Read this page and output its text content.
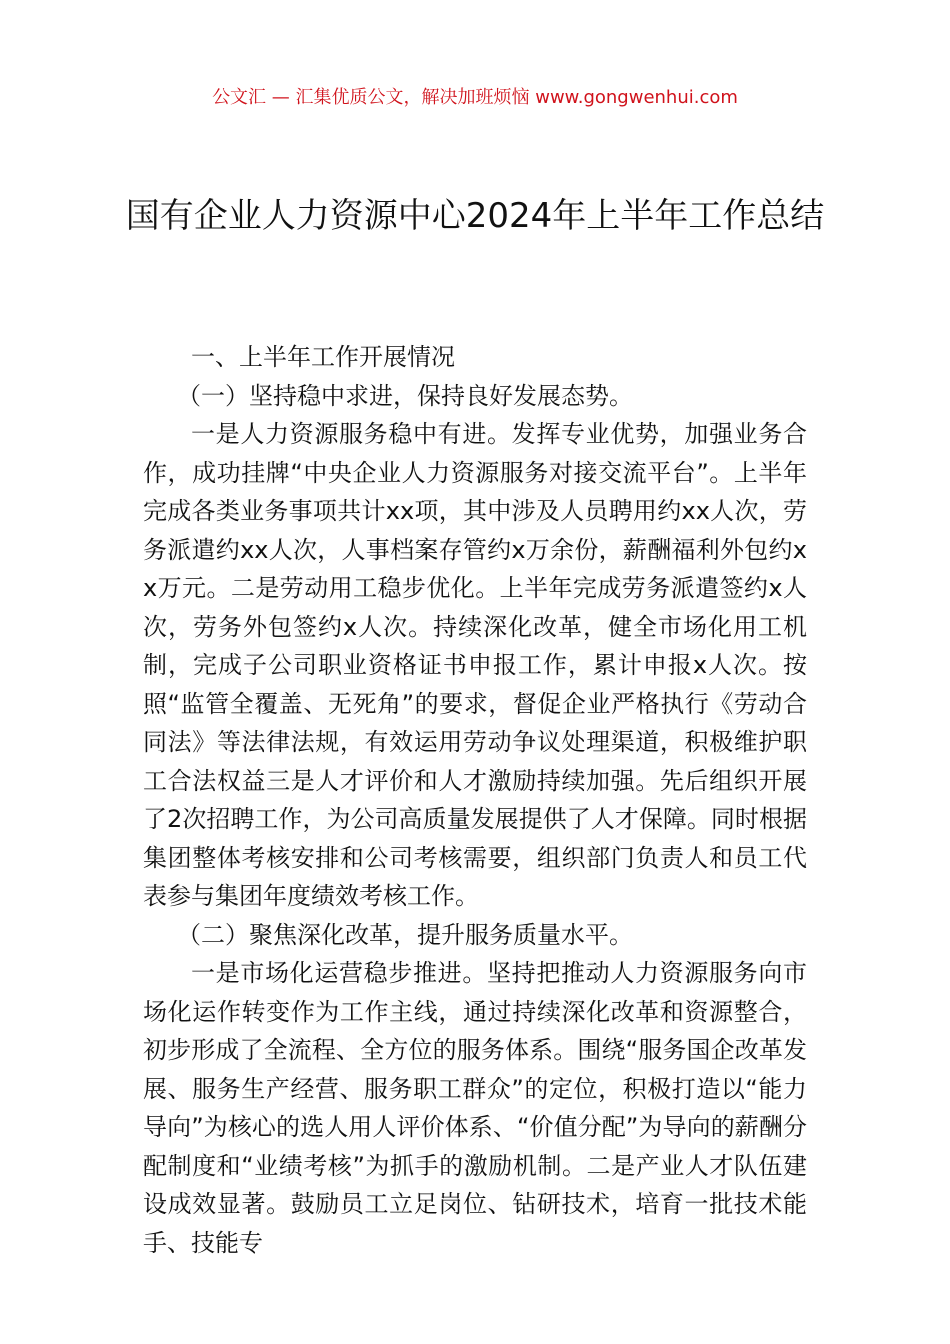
公文汇 — 汇集优质公文，解决加班烦恼 www.gongwenhui.com
国有企业人力资源中心2024年上半年工作总结

一、上半年工作开展情况

（一）坚持稳中求进，保持良好发展态势。

一是人力资源服务稳中有进。发挥专业优势，加强业务合作，成功挂牌“中央企业人力资源服务对接交流平台”。上半年完成各类业务事项共计xx项，其中涉及人员聘用约xx人次，劳务派遣约xx人次，人事档案存管约x万余份，薪酬福利外包约xx万元。二是劳动用工稳步优化。上半年完成劳务派遣签约x人次，劳务外包签约x人次。持续深化改革，健全市场化用工机制，完成子公司职业资格证书申报工作，累计申报x人次。按照“监管全覆盖、无死角”的要求，督促企业严格执行《劳动合同法》等法律法规，有效运用劳动争议处理渠道，积极维护职工合法权益三是人才评价和人才激励持续加强。先后组织开展了2次招聘工作，为公司高质量发展提供了人才保障。同时根据集团整体考核安排和公司考核需要，组织部门负责人和员工代表参与集团年度绩效考核工作。

（二）聚焦深化改革，提升服务质量水平。

一是市场化运营稳步推进。坚持把推动人力资源服务向市场化运作转变作为工作主线，通过持续深化改革和资源整合，初步形成了全流程、全方位的服务体系。围绕“服务国企改革发展、服务生产经营、服务职工群众”的定位，积极打造以“能力导向”为核心的选人用人评价体系、“价值分配”为导向的薪酬分配制度和“业绩考核”为抓手的激励机制。二是产业人才队伍建设成效显著。鼓励员工立足岗位、钻研技术，培育一批技术能手、技能专
